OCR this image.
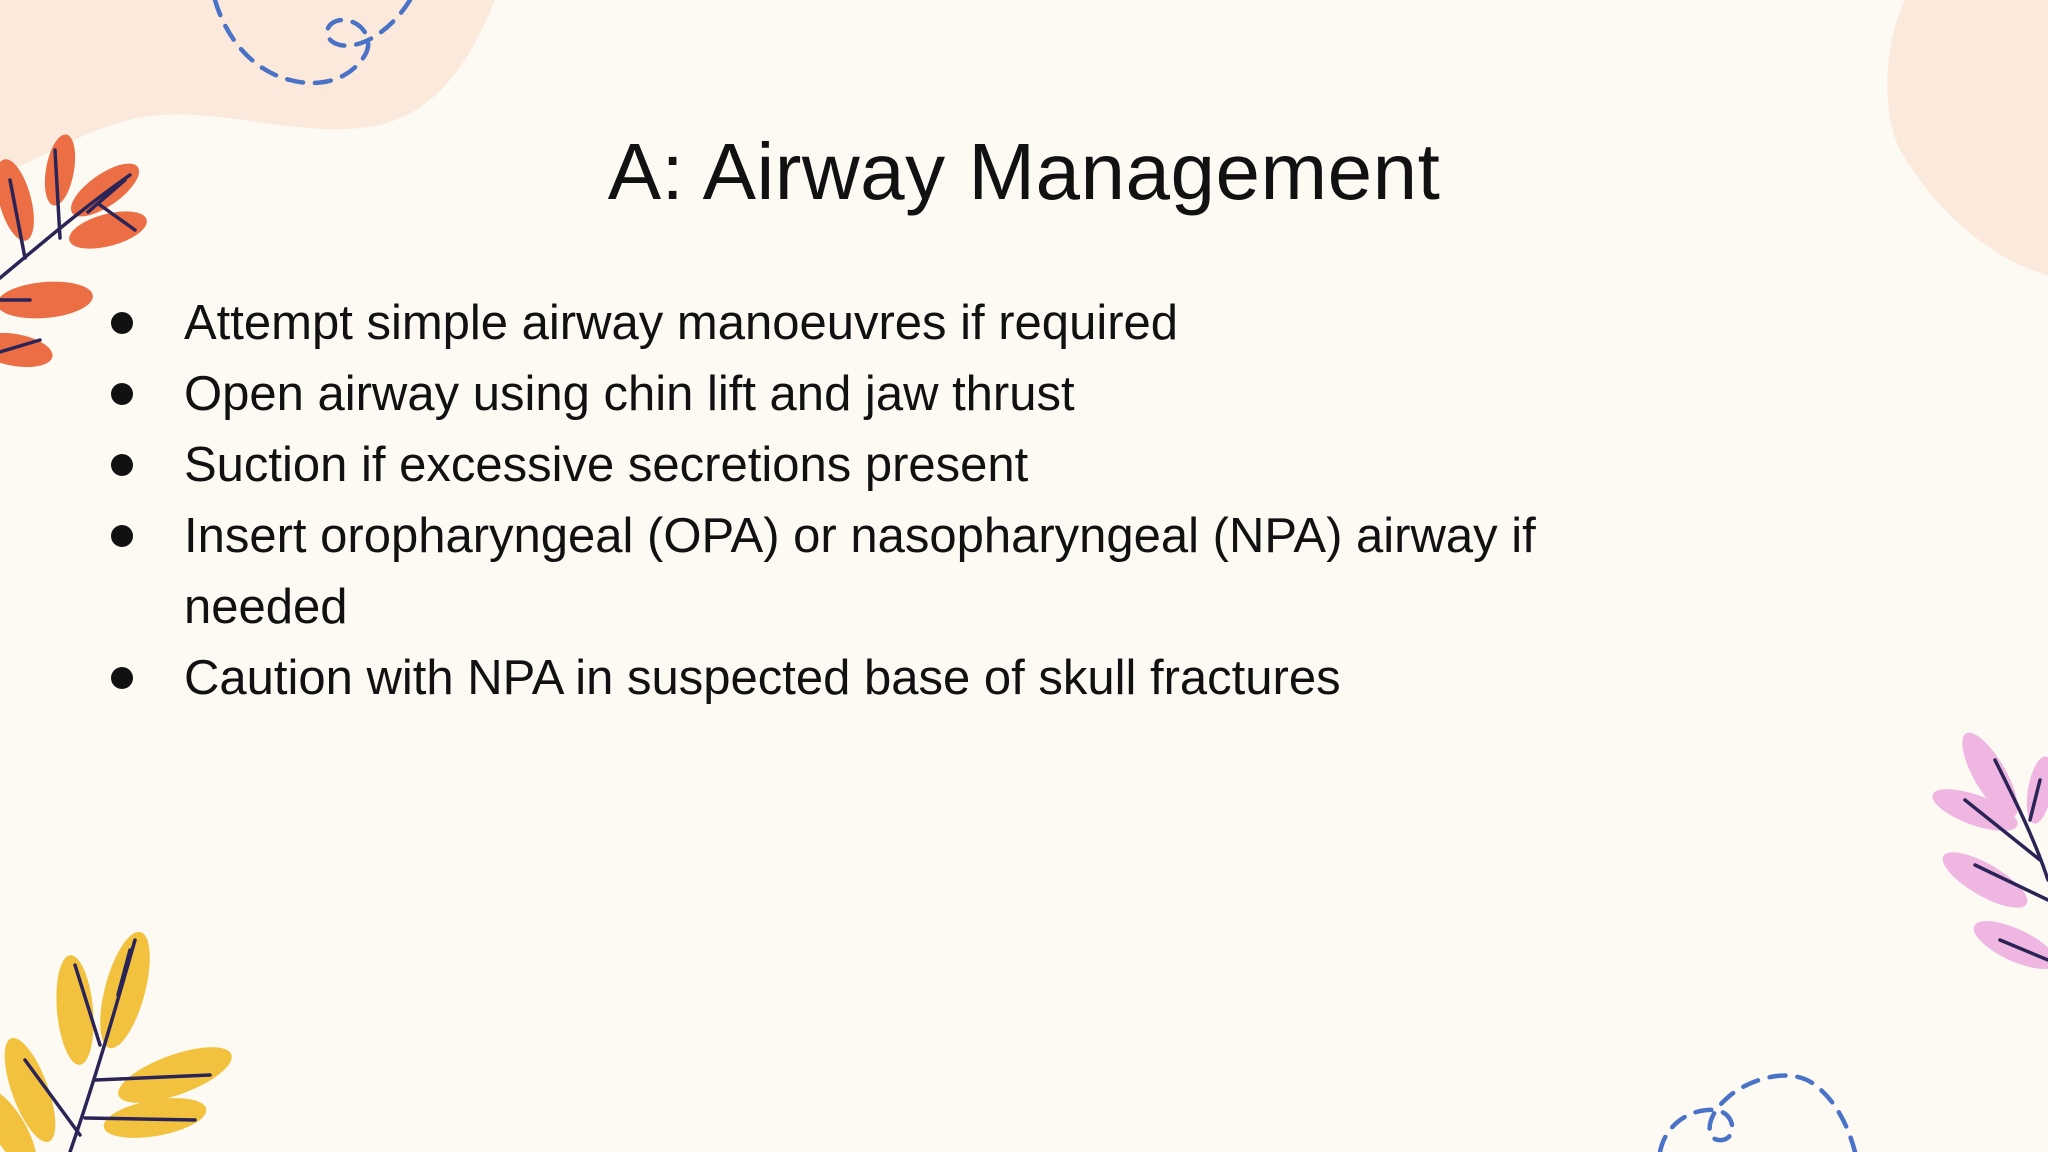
A: Airway Management
Attempt simple airway manoeuvres if required
Open airway using chin lift and jaw thrust
Suction if excessive secretions present
Insert oropharyngeal (OPA) or nasopharyngeal (NPA) airway if needed
Caution with NPA in suspected base of skull fractures
